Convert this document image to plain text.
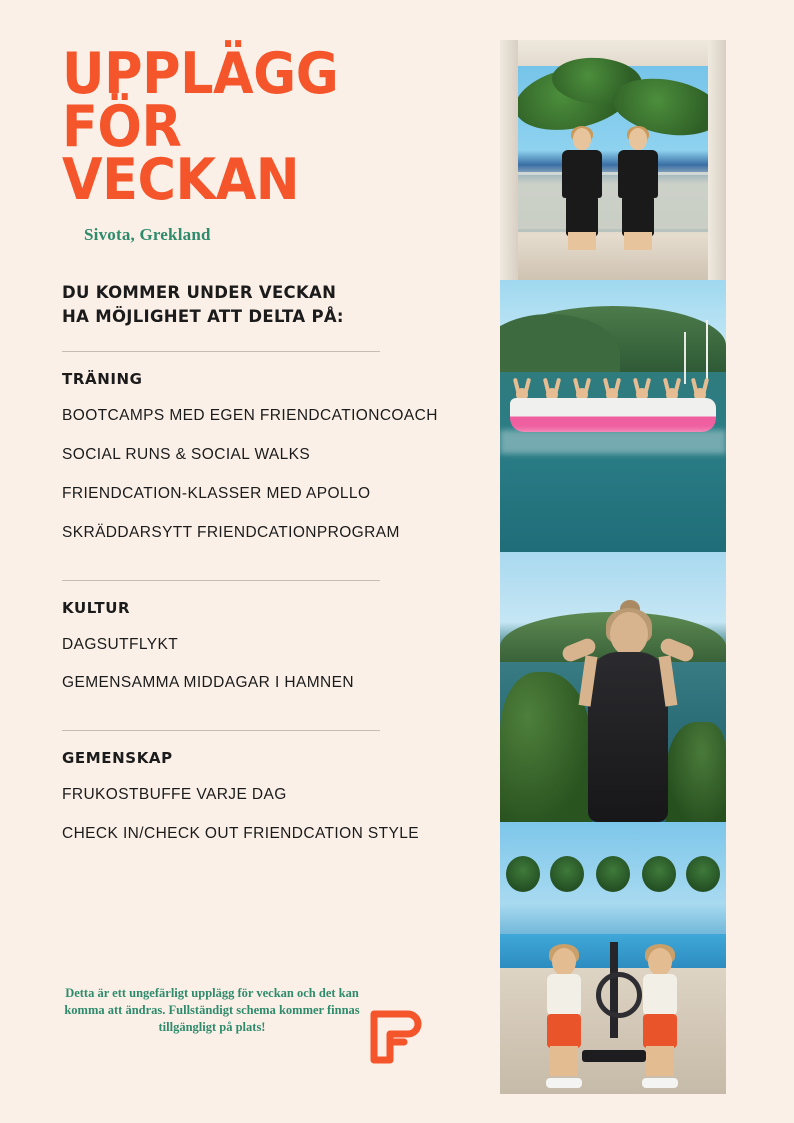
UPPLÄGG FÖR VECKAN
Sivota, Grekland
DU KOMMER UNDER VECKAN
HA MÖJLIGHET ATT DELTA PÅ:
TRÄNING
BOOTCAMPS MED EGEN FRIENDCATIONCOACH
SOCIAL RUNS & SOCIAL WALKS
FRIENDCATION-KLASSER MED APOLLO
SKRÄDDARSYTT FRIENDCATIONPROGRAM
KULTUR
DAGSUTFLYKT
GEMENSAMMA MIDDAGAR I HAMNEN
GEMENSKAP
FRUKOSTBUFFE VARJE DAG
CHECK IN/CHECK OUT FRIENDCATION STYLE
Detta är ett ungefärligt upplägg för veckan och det kan komma att ändras. Fullständigt schema kommer finnas tillgängligt på plats!
